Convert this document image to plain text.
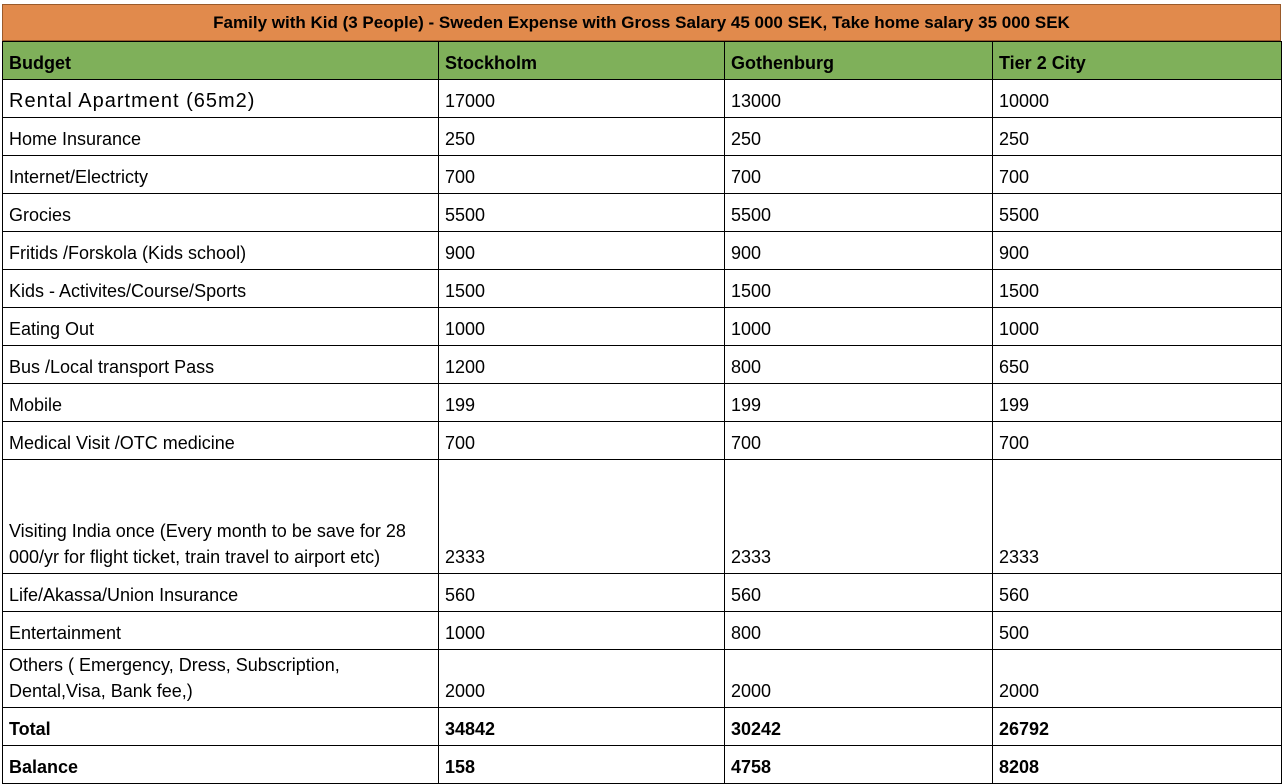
Family with Kid (3 People) - Sweden Expense with Gross Salary 45 000 SEK, Take home salary 35 000 SEK
Budget	Stockholm	Gothenburg	Tier 2 City
Rental Apartment (65m2)	17000	13000	10000
Home Insurance	250	250	250
Internet/Electricty	700	700	700
Grocies	5500	5500	5500
Fritids /Forskola (Kids school)	900	900	900
Kids - Activites/Course/Sports	1500	1500	1500
Eating Out	1000	1000	1000
Bus /Local transport Pass	1200	800	650
Mobile	199	199	199
Medical Visit /OTC medicine	700	700	700
Visiting India once (Every month to be save for 28 000/yr for flight ticket, train travel to airport etc)	2333	2333	2333
Life/Akassa/Union Insurance	560	560	560
Entertainment	1000	800	500
Others ( Emergency, Dress, Subscription, Dental,Visa, Bank fee,)	2000	2000	2000
Total	34842	30242	26792
Balance	158	4758	8208
